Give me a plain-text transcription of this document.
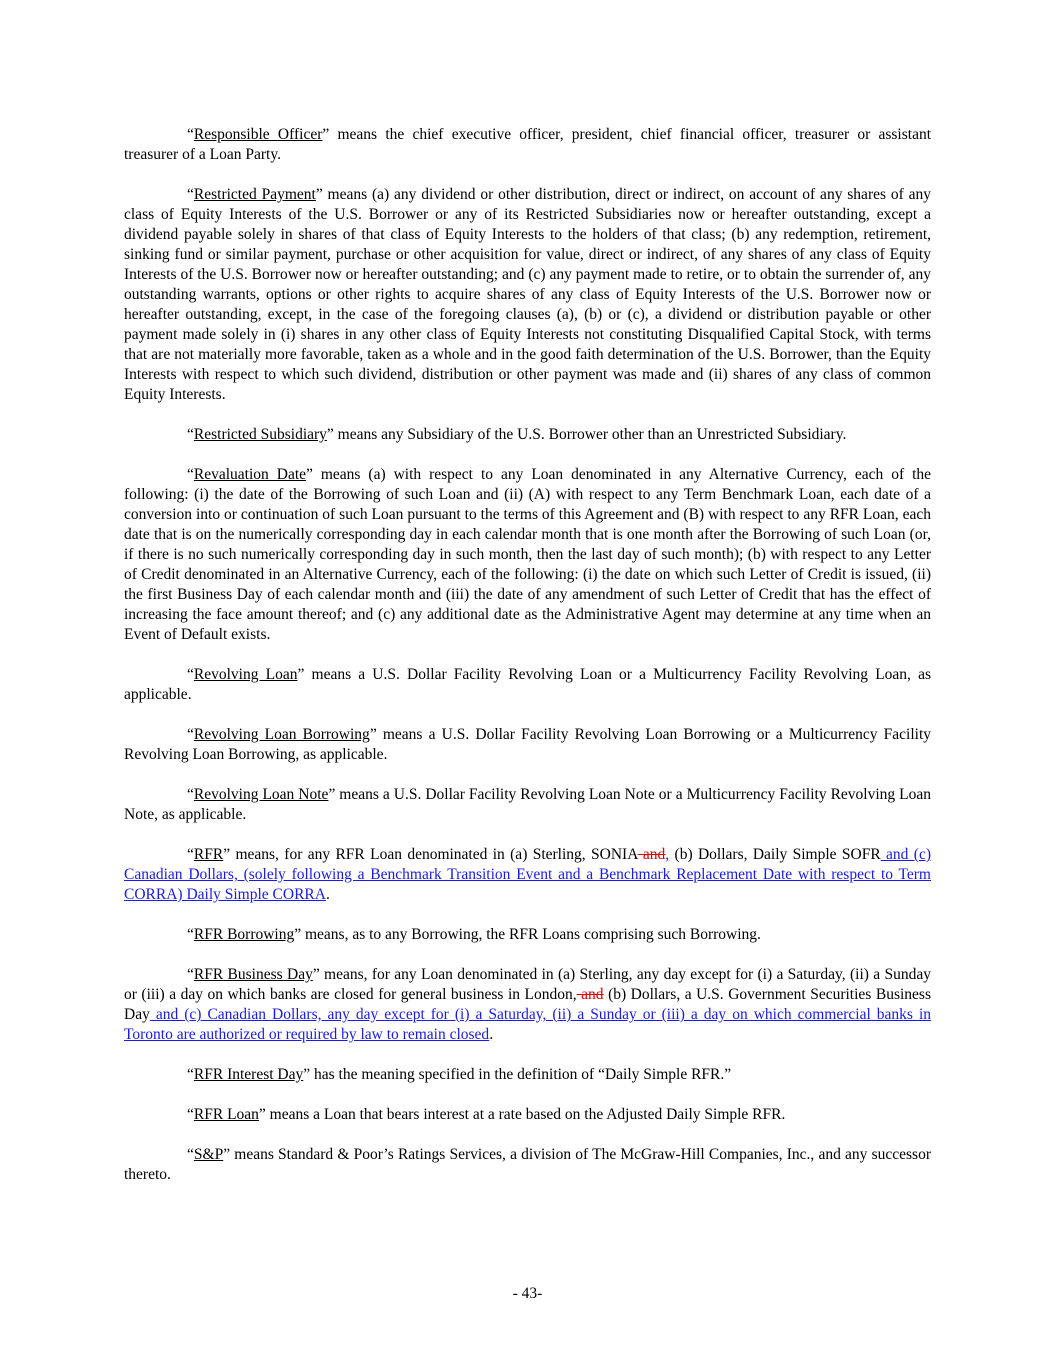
“Responsible Officer” means the chief executive officer, president, chief financial officer, treasurer or assistant treasurer of a Loan Party.

“Restricted Payment” means (a) any dividend or other distribution, direct or indirect, on account of any shares of any class of Equity Interests of the U.S. Borrower or any of its Restricted Subsidiaries now or hereafter outstanding, except a dividend payable solely in shares of that class of Equity Interests to the holders of that class; (b) any redemption, retirement, sinking fund or similar payment, purchase or other acquisition for value, direct or indirect, of any shares of any class of Equity Interests of the U.S. Borrower now or hereafter outstanding; and (c) any payment made to retire, or to obtain the surrender of, any outstanding warrants, options or other rights to acquire shares of any class of Equity Interests of the U.S. Borrower now or hereafter outstanding, except, in the case of the foregoing clauses (a), (b) or (c), a dividend or distribution payable or other payment made solely in (i) shares in any other class of Equity Interests not constituting Disqualified Capital Stock, with terms that are not materially more favorable, taken as a whole and in the good faith determination of the U.S. Borrower, than the Equity Interests with respect to which such dividend, distribution or other payment was made and (ii) shares of any class of common Equity Interests.

“Restricted Subsidiary” means any Subsidiary of the U.S. Borrower other than an Unrestricted Subsidiary.

“Revaluation Date” means (a) with respect to any Loan denominated in any Alternative Currency, each of the following: (i) the date of the Borrowing of such Loan and (ii) (A) with respect to any Term Benchmark Loan, each date of a conversion into or continuation of such Loan pursuant to the terms of this Agreement and (B) with respect to any RFR Loan, each date that is on the numerically corresponding day in each calendar month that is one month after the Borrowing of such Loan (or, if there is no such numerically corresponding day in such month, then the last day of such month); (b) with respect to any Letter of Credit denominated in an Alternative Currency, each of the following: (i) the date on which such Letter of Credit is issued, (ii) the first Business Day of each calendar month and (iii) the date of any amendment of such Letter of Credit that has the effect of increasing the face amount thereof; and (c) any additional date as the Administrative Agent may determine at any time when an Event of Default exists.

“Revolving Loan” means a U.S. Dollar Facility Revolving Loan or a Multicurrency Facility Revolving Loan, as applicable.

“Revolving Loan Borrowing” means a U.S. Dollar Facility Revolving Loan Borrowing or a Multicurrency Facility Revolving Loan Borrowing, as applicable.

“Revolving Loan Note” means a U.S. Dollar Facility Revolving Loan Note or a Multicurrency Facility Revolving Loan Note, as applicable.

“RFR” means, for any RFR Loan denominated in (a) Sterling, SONIA and, (b) Dollars, Daily Simple SOFR and (c) Canadian Dollars, (solely following a Benchmark Transition Event and a Benchmark Replacement Date with respect to Term CORRA) Daily Simple CORRA.

“RFR Borrowing” means, as to any Borrowing, the RFR Loans comprising such Borrowing.

“RFR Business Day” means, for any Loan denominated in (a) Sterling, any day except for (i) a Saturday, (ii) a Sunday or (iii) a day on which banks are closed for general business in London, and (b) Dollars, a U.S. Government Securities Business Day and (c) Canadian Dollars, any day except for (i) a Saturday, (ii) a Sunday or (iii) a day on which commercial banks in Toronto are authorized or required by law to remain closed.

“RFR Interest Day” has the meaning specified in the definition of “Daily Simple RFR.”

“RFR Loan” means a Loan that bears interest at a rate based on the Adjusted Daily Simple RFR.

“S&P” means Standard & Poor’s Ratings Services, a division of The McGraw-Hill Companies, Inc., and any successor thereto.

- 43-
